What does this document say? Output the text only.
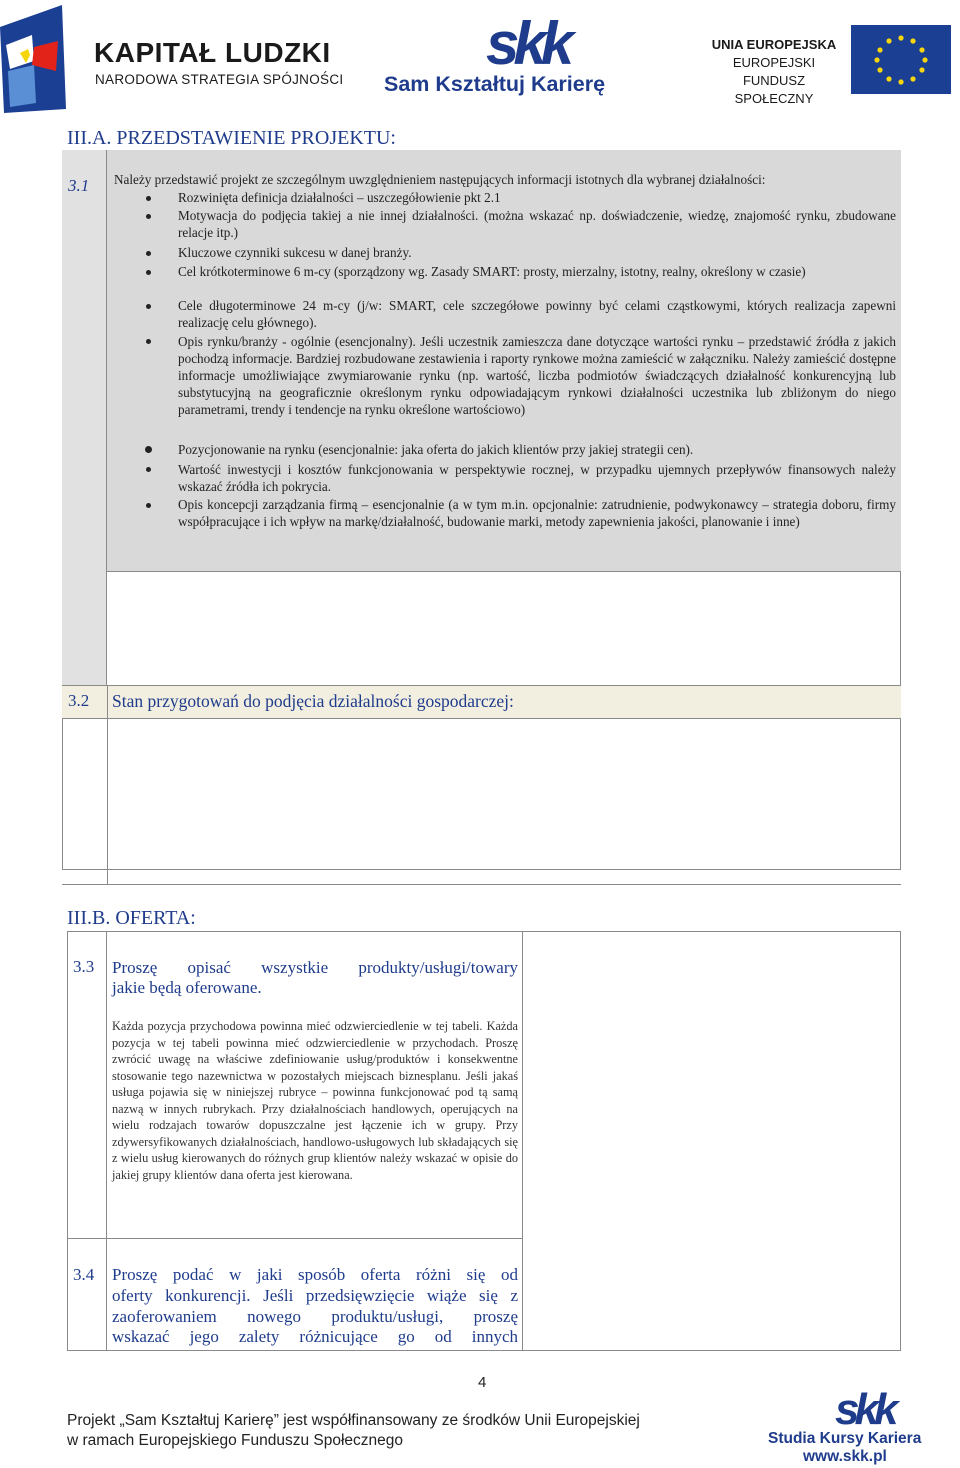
KAPITAŁ LUDZKI
NARODOWA STRATEGIA SPÓJNOŚCI
skk
Sam Kształtuj Karierę
UNIA EUROPEJSKA
EUROPEJSKI
FUNDUSZ SPOŁECZNY
III.A. PRZEDSTAWIENIE PROJEKTU:
3.1 Należy przedstawić projekt ze szczególnym uwzględnieniem następujących informacji istotnych dla wybranej działalności:
Rozwinięta definicja działalności – uszczegółowienie pkt 2.1
Motywacja do podjęcia takiej a nie innej działalności. (można wskazać np. doświadczenie, wiedzę, znajomość rynku, zbudowane relacje itp.)
Kluczowe czynniki sukcesu w danej branży.
Cel krótkoterminowe 6 m-cy (sporządzony wg. Zasady SMART: prosty, mierzalny, istotny, realny, określony w czasie)
Cele długoterminowe 24 m-cy (j/w: SMART, cele szczegółowe powinny być celami cząstkowymi, których realizacja zapewni realizację celu głównego).
Opis rynku/branży - ogólnie (esencjonalny). Jeśli uczestnik zamieszcza dane dotyczące wartości rynku – przedstawić źródła z jakich pochodzą informacje. Bardziej rozbudowane zestawienia i raporty rynkowe można zamieścić w załączniku. Należy zamieścić dostępne informacje umożliwiające zwymiarowanie rynku (np. wartość, liczba podmiotów świadczących działalność konkurencyjną lub substytucyjną na geograficznie określonym rynku odpowiadającym rynkowi działalności uczestnika lub zbliżonym do niego parametrami, trendy i tendencje na rynku określone wartościowo)
Pozycjonowanie na rynku (esencjonalnie: jaka oferta do jakich klientów przy jakiej strategii cen).
Wartość inwestycji i kosztów funkcjonowania w perspektywie rocznej, w przypadku ujemnych przepływów finansowych należy wskazać źródła ich pokrycia.
Opis koncepcji zarządzania firmą – esencjonalnie (a w tym m.in. opcjonalnie: zatrudnienie, podwykonawcy – strategia doboru, firmy współpracujące i ich wpływ na markę/działalność, budowanie marki, metody zapewnienia jakości, planowanie i inne)
3.2 Stan przygotowań do podjęcia działalności gospodarczej:
III.B. OFERTA:
3.3 Proszę opisać wszystkie produkty/usługi/towary
jakie będą oferowane.
Każda pozycja przychodowa powinna mieć odzwierciedlenie w tej tabeli. Każda pozycja w tej tabeli powinna mieć odzwierciedlenie w przychodach. Proszę zwrócić uwagę na właściwe zdefiniowanie usług/produktów i konsekwentne stosowanie tego nazewnictwa w pozostałych miejscach biznesplanu. Jeśli jakaś usługa pojawia się w niniejszej rubryce – powinna funkcjonować pod tą samą nazwą w innych rubrykach. Przy działalnościach handlowych, operujących na wielu rodzajach towarów dopuszczalne jest łączenie ich w grupy. Przy zdywersyfikowanych działalnościach, handlowo-usługowych lub składających się z wielu usług kierowanych do różnych grup klientów należy wskazać w opisie do jakiej grupy klientów dana oferta jest kierowana.
3.4 Proszę podać w jaki sposób oferta różni się od
oferty konkurencji. Jeśli przedsięwzięcie wiąże się z
zaoferowaniem nowego produktu/usługi, proszę
wskazać jego zalety różnicujące go od innych
4
Projekt „Sam Kształtuj Karierę” jest współfinansowany ze środków Unii Europejskiej
w ramach Europejskiego Funduszu Społecznego
skk
Studia Kursy Kariera
www.skk.pl
